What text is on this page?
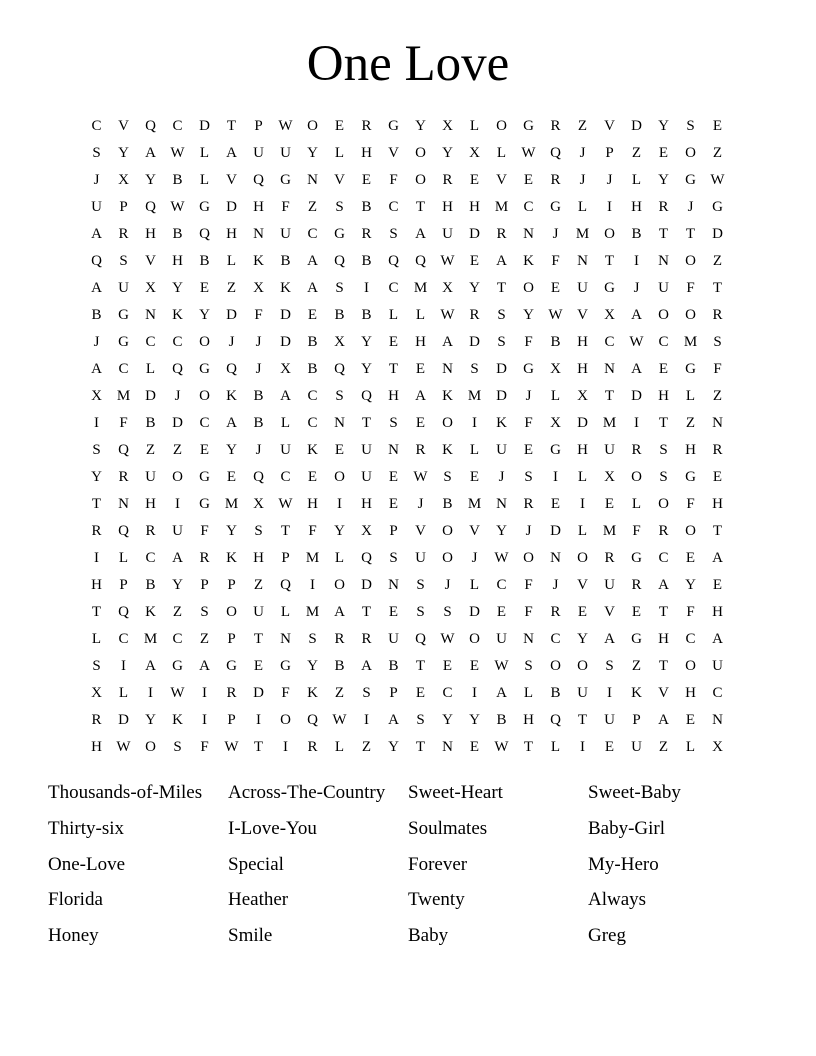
One Love
C	V	Q	C	D	T	P	W O	E	R	G	Y	X	L	O	G	R	Z	V	D	Y	S	E
S	Y	A W	L	A	U	U	Y	L	H	V	O	Y	X	L	W Q	J	P	Z	E	O	Z
J	X	Y	B	L	V	Q	G	N	V	E	F	O	R	E	V	E	R	J	J	L	Y	G W
U	P	Q W G	D	H	F	Z	S	B	C	T	H	H M	C	G	L	I	H	R	J	G
A	R	H	B	Q	H	N	U	C	G	R	S	A	U	D	R	N	J	M O	B	T	T	D
Q	S	V	H	B	L	K	B	A	Q	B	Q	Q W	E	A	K	F	N	T	I	N	O	Z
A	U	X	Y	E	Z	X	K	A	S	I	C	M X	Y	T	O	E	U	G	J	U	F	T
B	G	N	K	Y	D	F	D	E	B	B	L	L	W R	S	Y W V	X	A	O	O	R
J	G	C	C	O	J	J	D	B	X	Y	E	H	A	D	S	F	B	H	C W C	M	S
A	C	L	Q	G	Q	J	X	B	Q	Y	T	E	N	S	D	G	X	H	N	A	E	G	F
X M D	J	O	K	B	A	C	S	Q	H	A	K M D	J	L	X	T	D	H	L	Z
I	F	B	D	C	A	B	L	C	N	T	S	E	O	I	K	F	X	D M	I	T	Z	N
S	Q	Z	Z	E	Y	J	U	K	E	U	N	R	K	L	U	E	G	H	U	R	S	H	R
Y	R	U	O	G	E	Q	C	E	O	U	E	W	S	E	J	S	I	L	X	O	S	G	E
T	N	H	I	G M X W H	I	H	E	J	B	M N	R	E	I	E	L	O	F	H
R	Q	R	U	F	Y	S	T	F	Y	X	P	V	O	V	Y	J	D	L	M	F	R	O	T
I	L	C	A	R	K	H	P	M	L	Q	S	U	O	J	W O	N	O	R	G	C	E	A
H	P	B	Y	P	P	Z	Q	I	O	D	N	S	J	L	C	F	J	V	U	R	A	Y	E
T	Q	K	Z	S	O	U	L	M A	T	E	S	S	D	E	F	R	E	V	E	T	F	H
L	C	M	C	Z	P	T	N	S	R	R	U	Q W O	U	N	C	Y	A	G	H	C	A
S	I	A	G	A	G	E	G	Y	B	A	B	T	E	E	W	S	O	O	S	Z	T	O	U
X	L	I	W	I	R	D	F	K	Z	S	P	E	C	I	A	L	B	U	I	K	V	H	C
R	D	Y	K	I	P	I	O	Q W	I	A	S	Y	Y	B	H	Q	T	U	P	A	E	N
H W O	S	F	W	T	I	R	L	Z	Y	T	N	E	W	T	L	I	E	U	Z	L	X
Thousands-of-Miles	Across-The-Country	Sweet-Heart	Sweet-Baby
Thirty-six	I-Love-You	Soulmates	Baby-Girl
One-Love	Special	Forever	My-Hero
Florida	Heather	Twenty	Always
Honey	Smile	Baby	Greg
